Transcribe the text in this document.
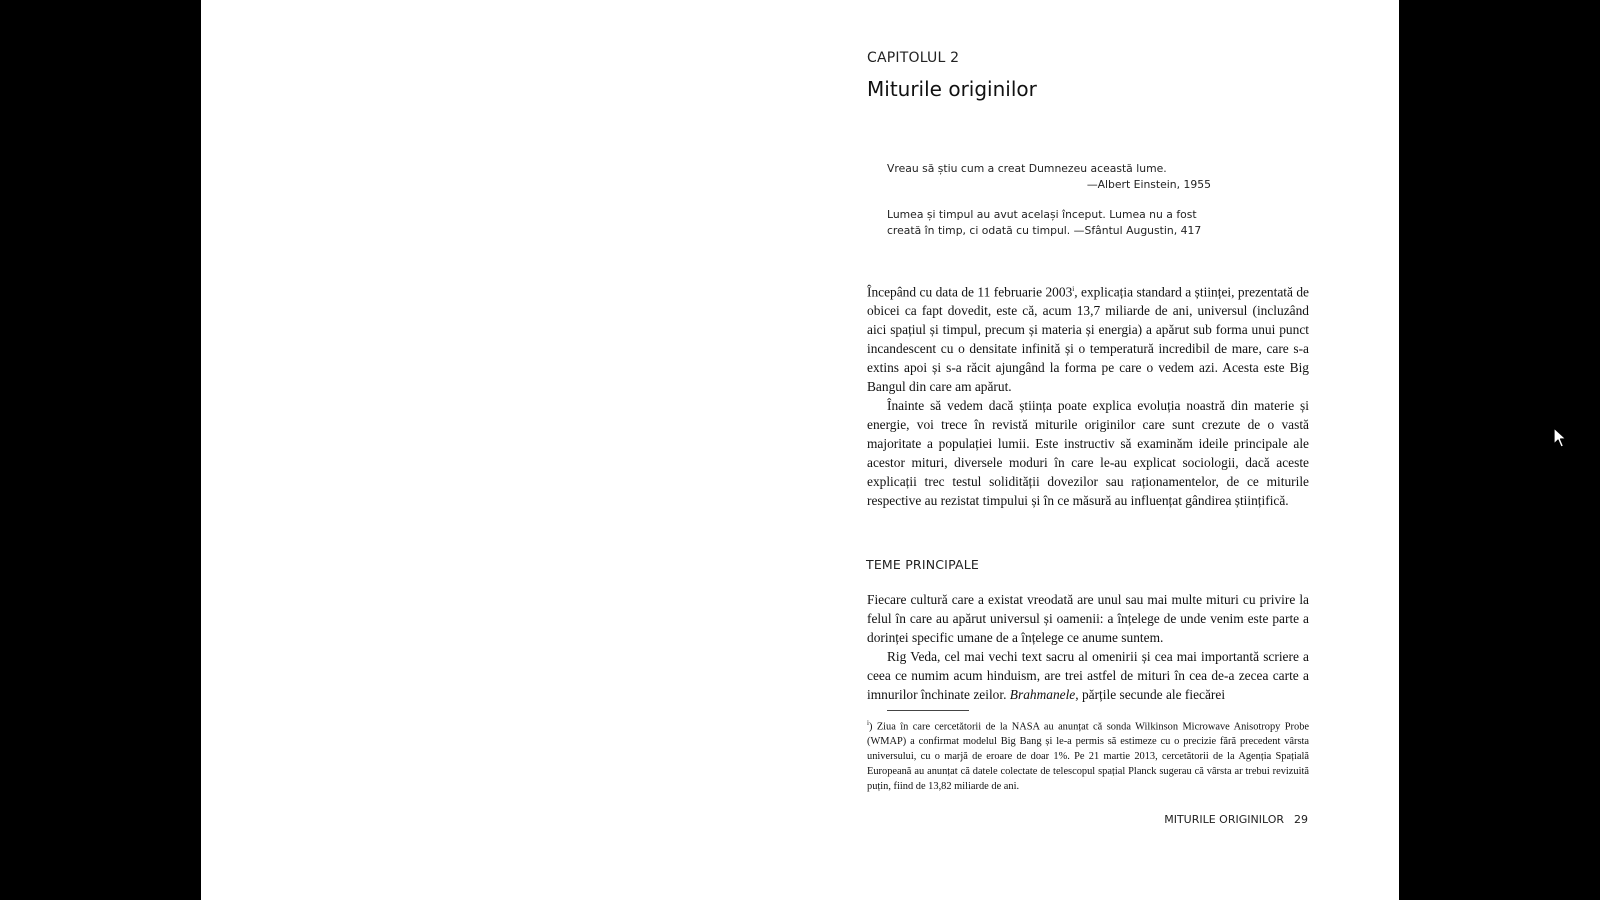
CAPITOLUL 2
Miturile originilor
Vreau să știu cum a creat Dumnezeu această lume.
—Albert Einstein, 1955
Lumea și timpul au avut același început. Lumea nu a fost creată în timp, ci odată cu timpul. —Sfântul Augustin, 417

Începând cu data de 11 februarie 2003$^i$, explicația standard a științei, prezentată de obicei ca fapt dovedit, este că, acum 13,7 miliarde de ani, universul (incluzând aici spațiul și timpul, precum și materia și energia) a apărut sub forma unui punct incandescent cu o densitate infinită și o temperatură incredibil de mare, care s-a extins apoi și s-a răcit ajungând la forma pe care o vedem azi. Acesta este Big Bangul din care am apărut.

Înainte să vedem dacă știința poate explica evoluția noastră din materie și energie, voi trece în revistă miturile originilor care sunt crezute de o vastă majoritate a populației lumii. Este instructiv să examinăm ideile principale ale acestor mituri, diversele moduri în care le-au explicat sociologii, dacă aceste explicații trec testul solidității dovezilor sau raționamentelor, de ce miturile respective au rezistat timpului și în ce măsură au influențat gândirea științifică.

TEME PRINCIPALE

Fiecare cultură care a existat vreodată are unul sau mai multe mituri cu privire la felul în care au apărut universul și oamenii: a înțelege de unde venim este parte a dorinței specific umane de a înțelege ce anume suntem.

Rig Veda, cel mai vechi text sacru al omenirii și cea mai importantă scriere a ceea ce numim acum hinduism, are trei astfel de mituri în cea de-a zecea carte a imnurilor închinate zeilor. Brahmanele, părțile secunde ale fiecărei

$^i$) Ziua în care cercetătorii de la NASA au anunțat că sonda Wilkinson Microwave Anisotropy Probe (WMAP) a confirmat modelul Big Bang și le-a permis să estimeze cu o precizie fără precedent vârsta universului, cu o marjă de eroare de doar 1%. Pe 21 martie 2013, cercetătorii de la Agenția Spațială Europeană au anunțat că datele colectate de telescopul spațial Planck sugerau că vârsta ar trebui revizuită puțin, fiind de 13,82 miliarde de ani.
MITURILE ORIGINILOR 29
